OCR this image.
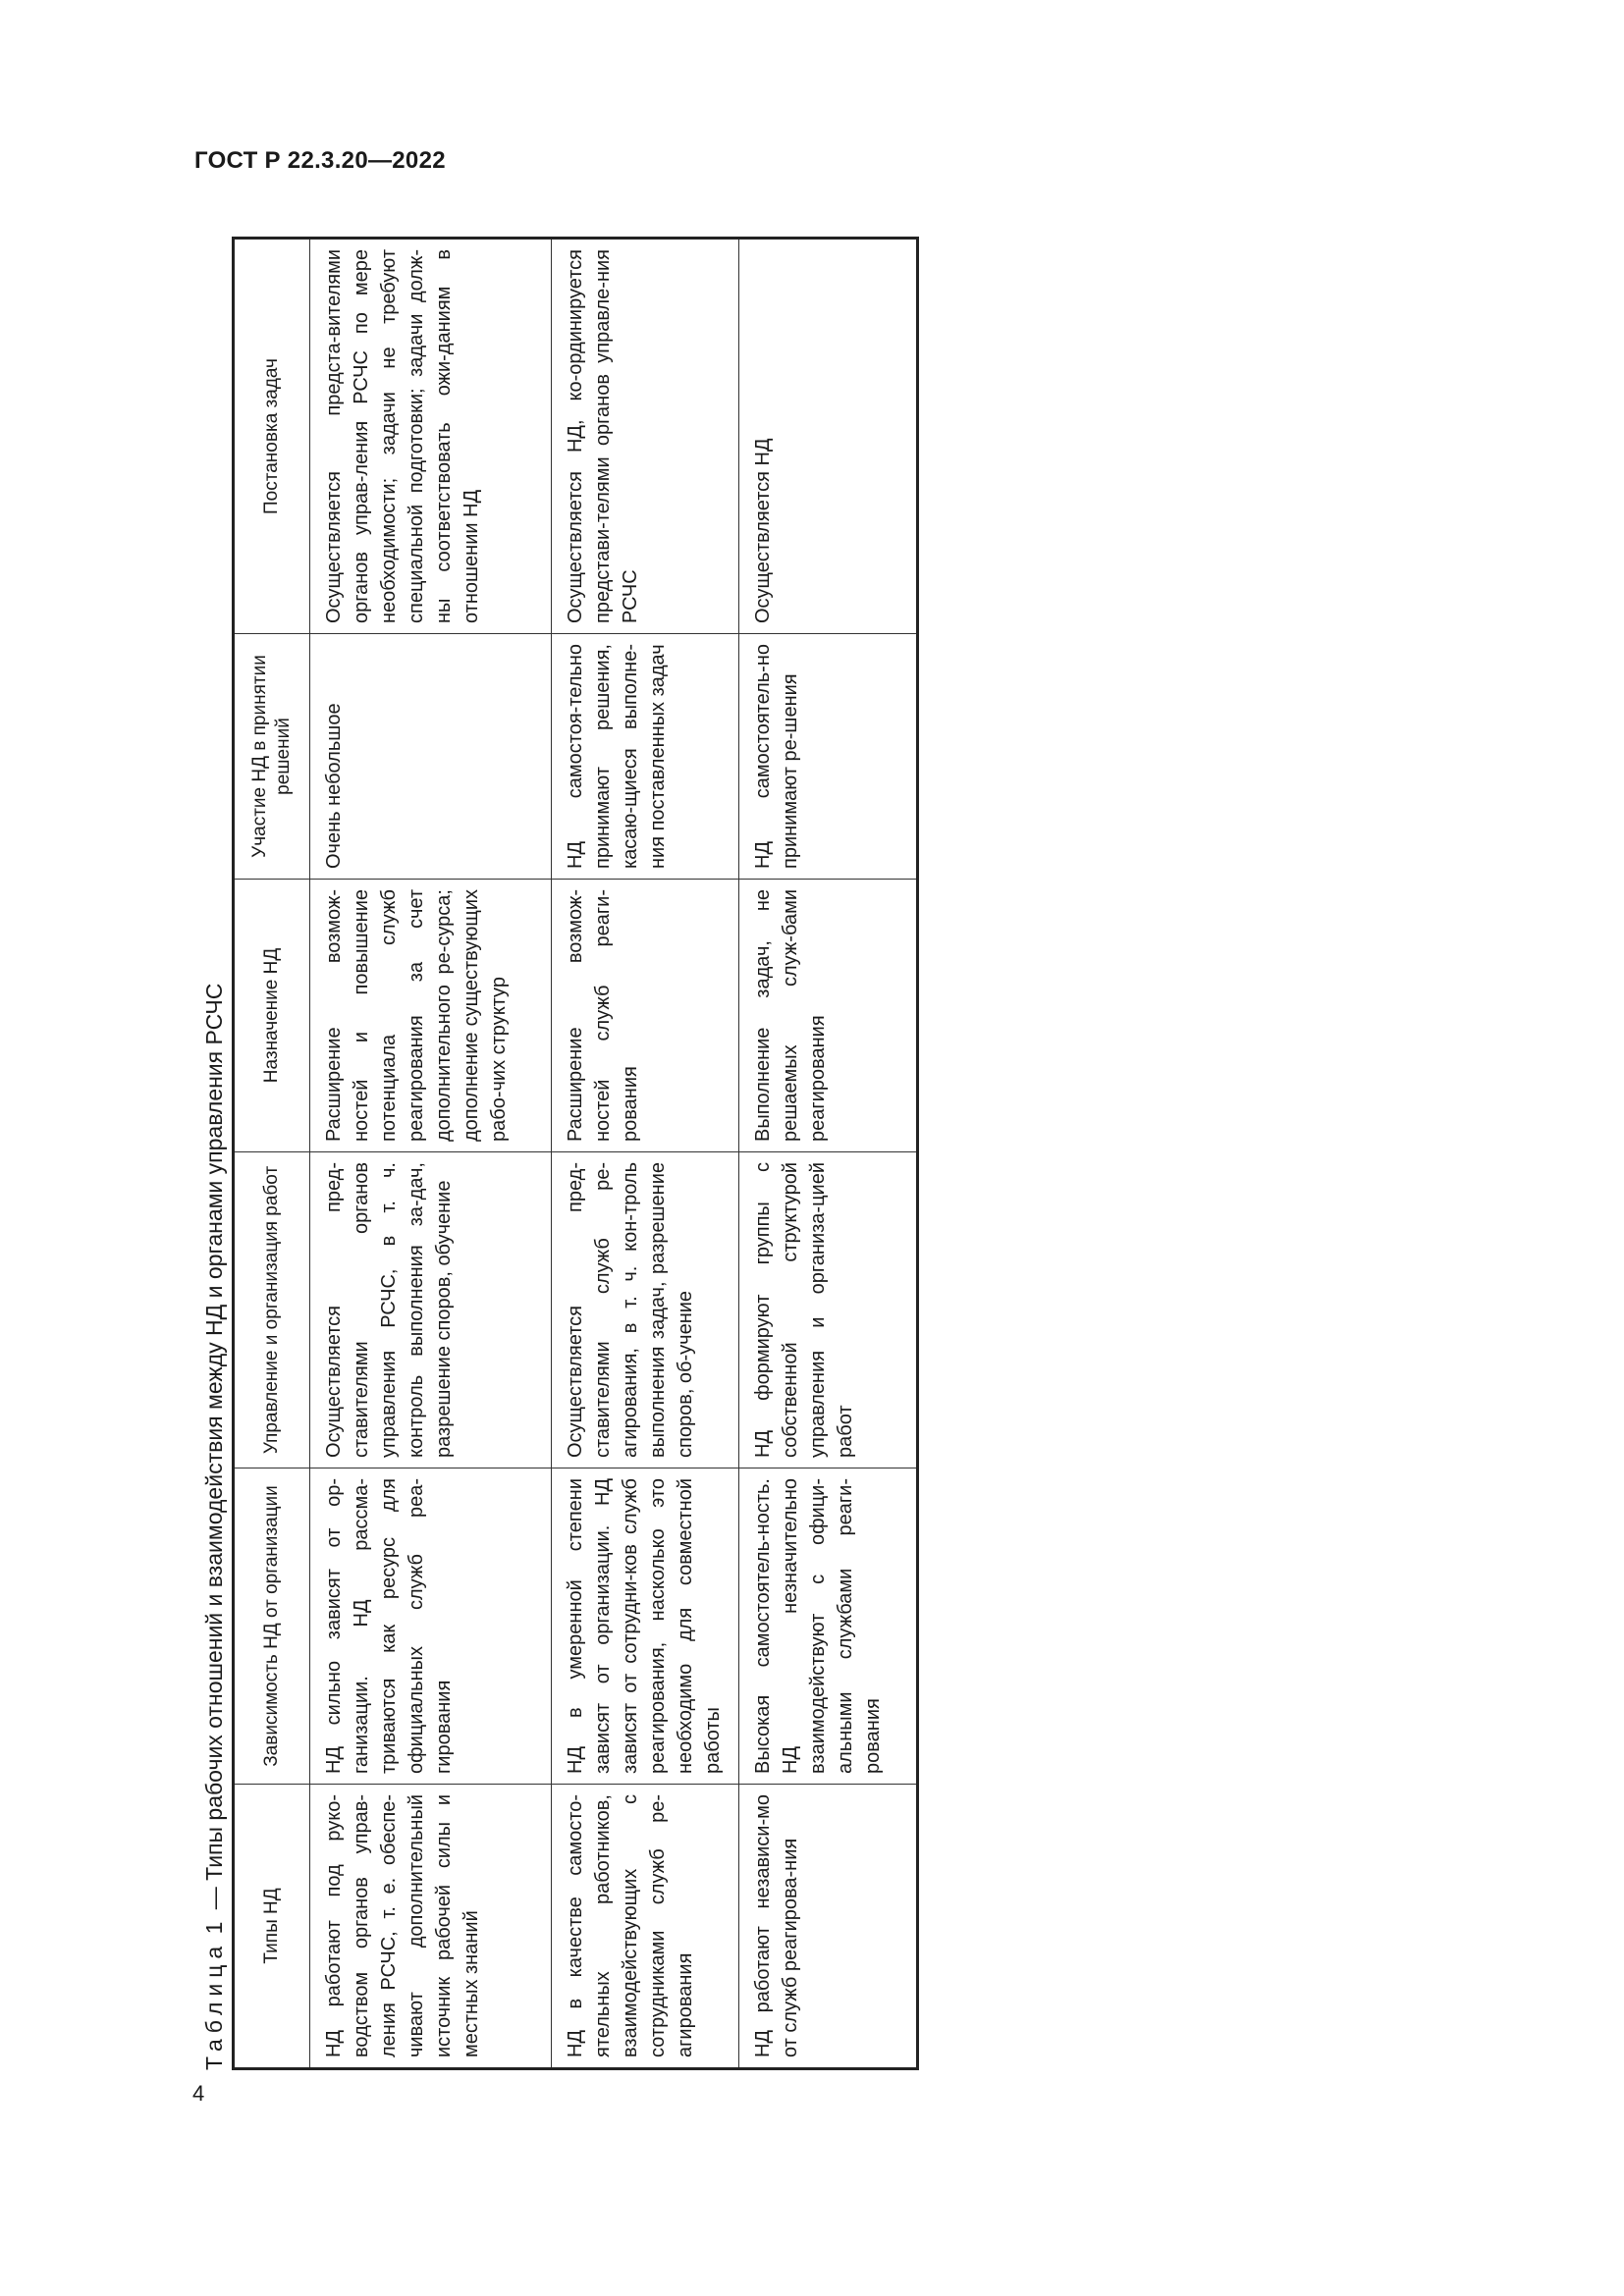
ГОСТ Р 22.3.20—2022
4
Таблица 1 — Типы рабочих отношений и взаимодействия между НД и органами управления РСЧС
Типы НД	Зависимость НД от организации	Управление и организация работ	Назначение НД	Участие НД в принятии решений	Постановка задач
НД работают под руко-водством органов управ-ления РСЧС, т. е. обеспе-чивают дополнительный источник рабочей силы и местных знаний	НД сильно зависят от ор-ганизации. НД рассма-триваются как ресурс для официальных служб реа-гирования	Осуществляется пред-ставителями органов управления РСЧС, в т. ч. контроль выполнения за-дач, разрешение споров, обучение	Расширение возмож-ностей и повышение потенциала служб реагирования за счет дополнительного ре-сурса; дополнение существующих рабо-чих структур	Очень небольшое	Осуществляется предста-вителями органов управ-ления РСЧС по мере необходимости; задачи не требуют специальной подготовки; задачи долж-ны соответствовать ожи-даниям в отношении НД
НД в качестве самосто-ятельных работников, взаимодействующих с сотрудниками служб ре-агирования	НД в умеренной степени зависят от организации. НД зависят от сотрудни-ков служб реагирования, насколько это необходимо для совместной работы	Осуществляется пред-ставителями служб ре-агирования, в т. ч. кон-троль выполнения задач, разрешение споров, об-учение	Расширение возмож-ностей служб реаги-рования	НД самостоя-тельно принимают решения, касаю-щиеся выполне-ния поставленных задач	Осуществляется НД, ко-ординируется представи-телями органов управле-ния РСЧС
НД работают независи-мо от служб реагирова-ния	Высокая самостоятель-ность. НД незначительно взаимодействуют с офици-альными службами реаги-рования	НД формируют группы с собственной структурой управления и организа-цией работ	Выполнение задач, не решаемых служ-бами реагирования	НД самостоятель-но принимают ре-шения	Осуществляется НД
